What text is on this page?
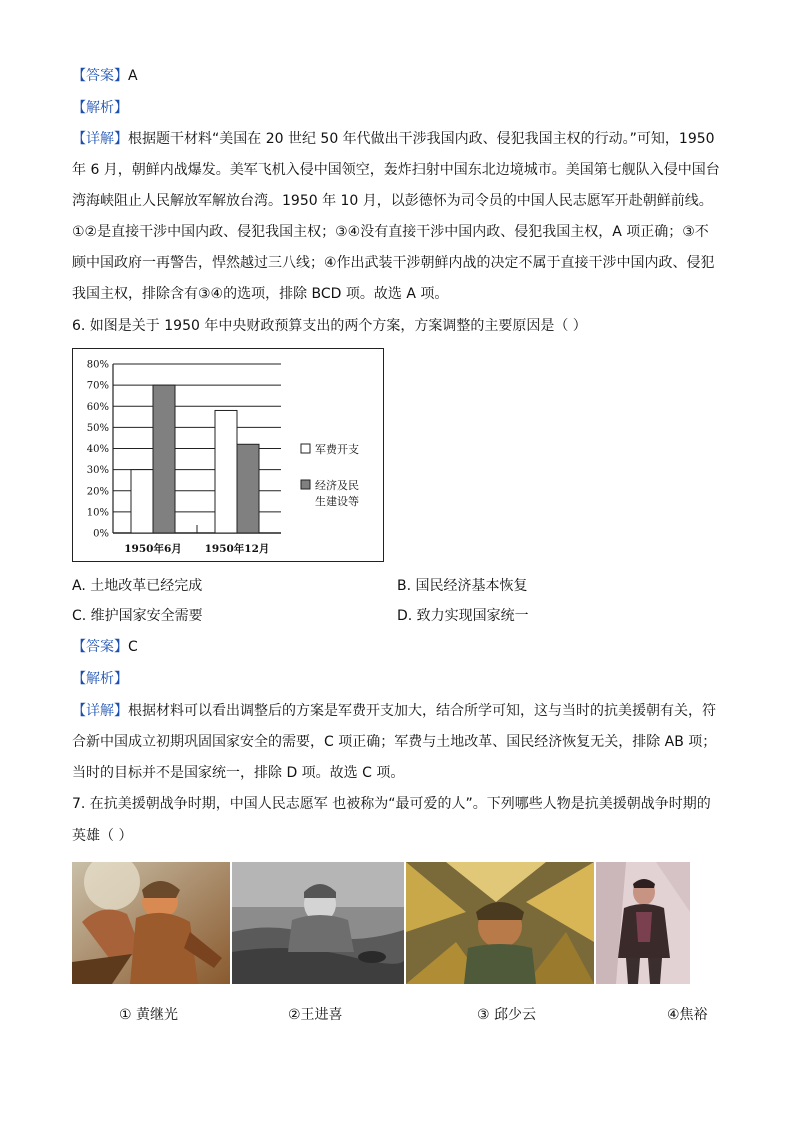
【答案】A
【解析】
【详解】根据题干材料“美国在 20 世纪 50 年代做出干涉我国内政、侵犯我国主权的行动。”可知，1950
年 6 月，朝鲜内战爆发。美军飞机入侵中国领空，轰炸扫射中国东北边境城市。美国第七舰队入侵中国台
湾海峡阻止人民解放军解放台湾。1950 年 10 月，以彭德怀为司令员的中国人民志愿军开赴朝鲜前线。
①②是直接干涉中国内政、侵犯我国主权；③④没有直接干涉中国内政、侵犯我国主权，A 项正确；③不
顾中国政府一再警告，悍然越过三八线；④作出武装干涉朝鲜内战的决定不属于直接干涉中国内政、侵犯
我国主权，排除含有③④的选项，排除 BCD 项。故选 A 项。
6. 如图是关于 1950 年中央财政预算支出的两个方案，方案调整的主要原因是（ ）
0%
10%
20%
30%
40%
50%
60%
70%
80%
1950年6月 1950年12月
军费开支
经济及民
生建设等
A. 土地改革已经完成	B. 国民经济基本恢复
C. 维护国家安全需要	D. 致力实现国家统一
【答案】C
【解析】
【详解】根据材料可以看出调整后的方案是军费开支加大，结合所学可知，这与当时的抗美援朝有关，符
合新中国成立初期巩固国家安全的需要，C 项正确；军费与土地改革、国民经济恢复无关，排除 AB 项；
当时的目标并不是国家统一，排除 D 项。故选 C 项。
7. 在抗美援朝战争时期，中国人民志愿军 也被称为“最可爱的人”。下列哪些人物是抗美援朝战争时期的
英雄（ ）
① 黄继光	②王进喜	③ 邱少云	④焦裕
